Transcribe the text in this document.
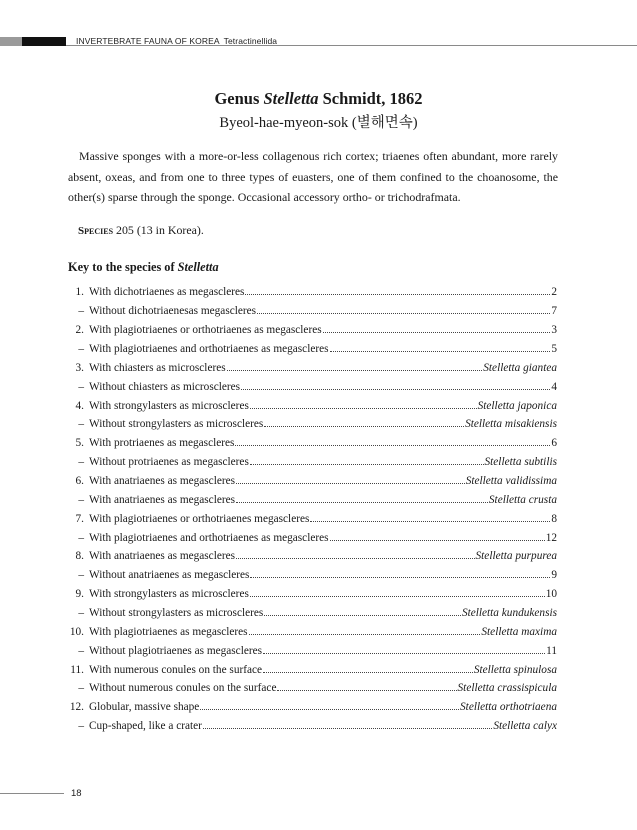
INVERTEBRATE FAUNA OF KOREA Tetractinellida
Genus Stelletta Schmidt, 1862
Byeol-hae-myeon-sok (별해면속)

Massive sponges with a more-or-less collagenous rich cortex; triaenes often abundant, more rarely absent, oxeas, and from one to three types of euasters, one of them confined to the choanosome, the other(s) sparse through the sponge. Occasional accessory ortho- or trichodrafmata.

Species 205 (13 in Korea).
Key to the species of Stelletta
1. With dichotriaenes as megascleres	2
– Without dichotriaenesas megascleres	7
2. With plagiotriaenes or orthotriaenes as megascleres	3
– With plagiotriaenes and orthotriaenes as megascleres	5
3. With chiasters as microscleres	Stelletta giantea
– Without chiasters as microscleres	4
4. With strongylasters as microscleres	Stelletta japonica
– Without strongylasters as microscleres	Stelletta misakiensis
5. With protriaenes as megascleres	6
– Without protriaenes as megascleres	Stelletta subtilis
6. With anatriaenes as megascleres	Stelletta validissima
– With anatriaenes as megascleres	Stelletta crusta
7. With plagiotriaenes or orthotriaenes megascleres	8
– With plagiotriaenes and orthotriaenes as megascleres	12
8. With anatriaenes as megascleres	Stelletta purpurea
– Without anatriaenes as megascleres	9
9. With strongylasters as microscleres	10
– Without strongylasters as microscleres	Stelletta kundukensis
10. With plagiotriaenes as megascleres	Stelletta maxima
– Without plagiotriaenes as megascleres	11
11. With numerous conules on the surface	Stelletta spinulosa
– Without numerous conules on the surface	Stelletta crassispicula
12. Globular, massive shape	Stelletta orthotriaena
– Cup-shaped, like a crater	Stelletta calyx
18
